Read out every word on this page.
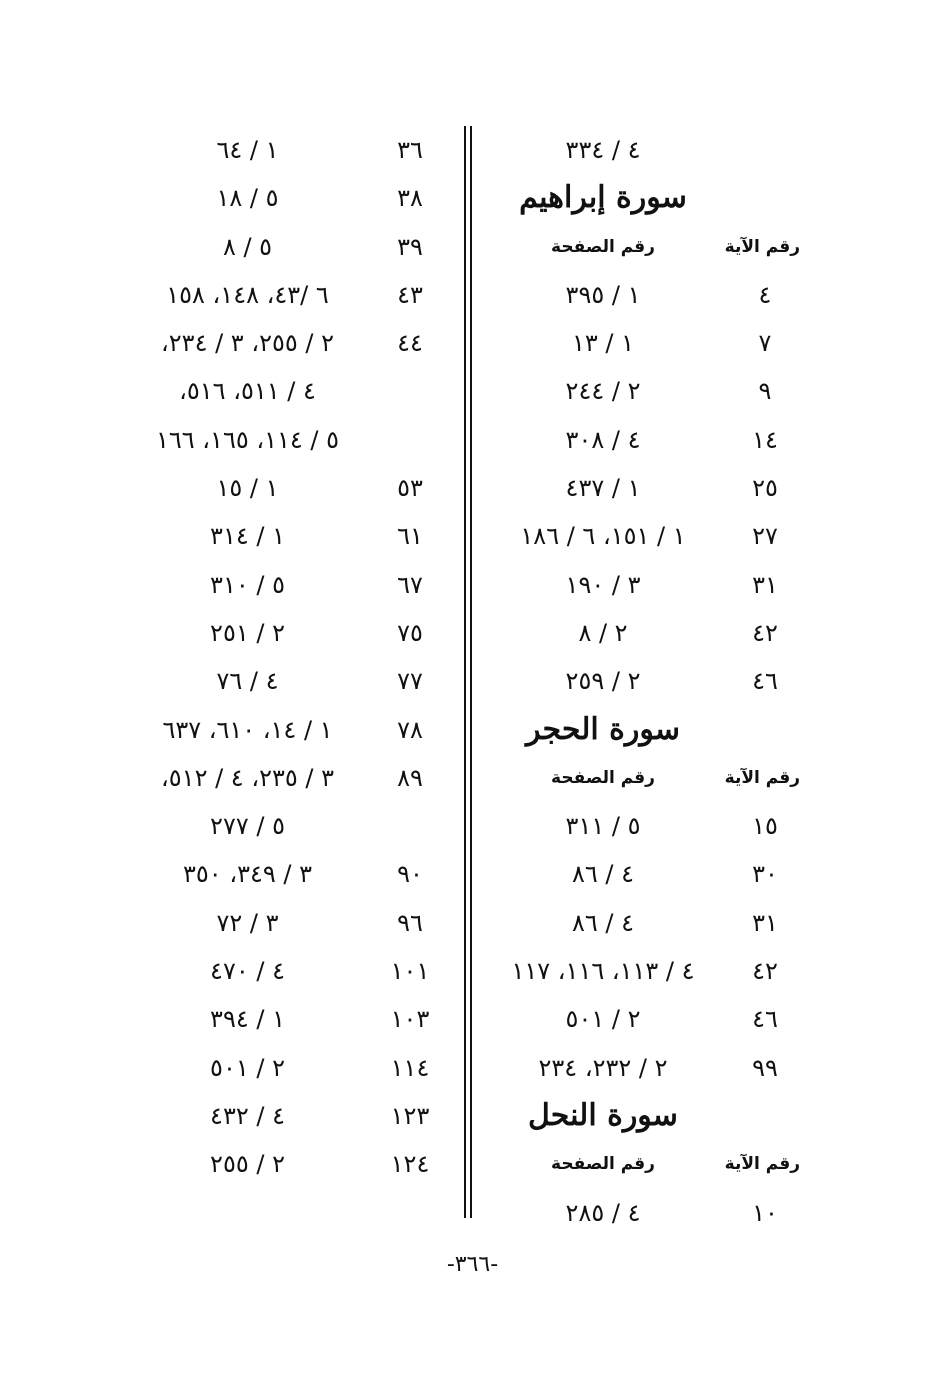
٤ / ٣٣٤
سورة إبراهيم
رقم الآية
رقم الصفحة
٤
١ / ٣٩٥
٧
١ / ١٣
٩
٢ / ٢٤٤
١٤
٤ / ٣٠٨
٢٥
١ / ٤٣٧
٢٧
١ / ١٥١، ٦ / ١٨٦
٣١
٣ / ١٩٠
٤٢
٢ / ٨
٤٦
٢ / ٢٥٩
سورة الحجر
رقم الآية
رقم الصفحة
١٥
٥ / ٣١١
٣٠
٤ / ٨٦
٣١
٤ / ٨٦
٤٢
٤ / ١١٣، ١١٦، ١١٧
٤٦
٢ / ٥٠١
٩٩
٢ / ٢٣٢، ٢٣٤
سورة النحل
رقم الآية
رقم الصفحة
١٠
٤ / ٢٨٥
٣٦
١ / ٦٤
٣٨
٥ / ١٨
٣٩
٥ / ٨
٤٣
٦ /٤٣، ١٤٨، ١٥٨
٤٤
٢ / ٢٥٥، ٣ / ٢٣٤،
٤ / ٥١١، ٥١٦،
٥ / ١١٤، ١٦٥، ١٦٦
٥٣
١ / ١٥
٦١
١ / ٣١٤
٦٧
٥ / ٣١٠
٧٥
٢ / ٢٥١
٧٧
٤ / ٧٦
٧٨
١ / ١٤، ٦١٠، ٦٣٧
٨٩
٣ / ٢٣٥، ٤ / ٥١٢،
٥ / ٢٧٧
٩٠
٣ / ٣٤٩، ٣٥٠
٩٦
٣ / ٧٢
١٠١
٤ / ٤٧٠
١٠٣
١ / ٣٩٤
١١٤
٢ / ٥٠١
١٢٣
٤ / ٤٣٢
١٢٤
٢ / ٢٥٥
-٣٦٦-
